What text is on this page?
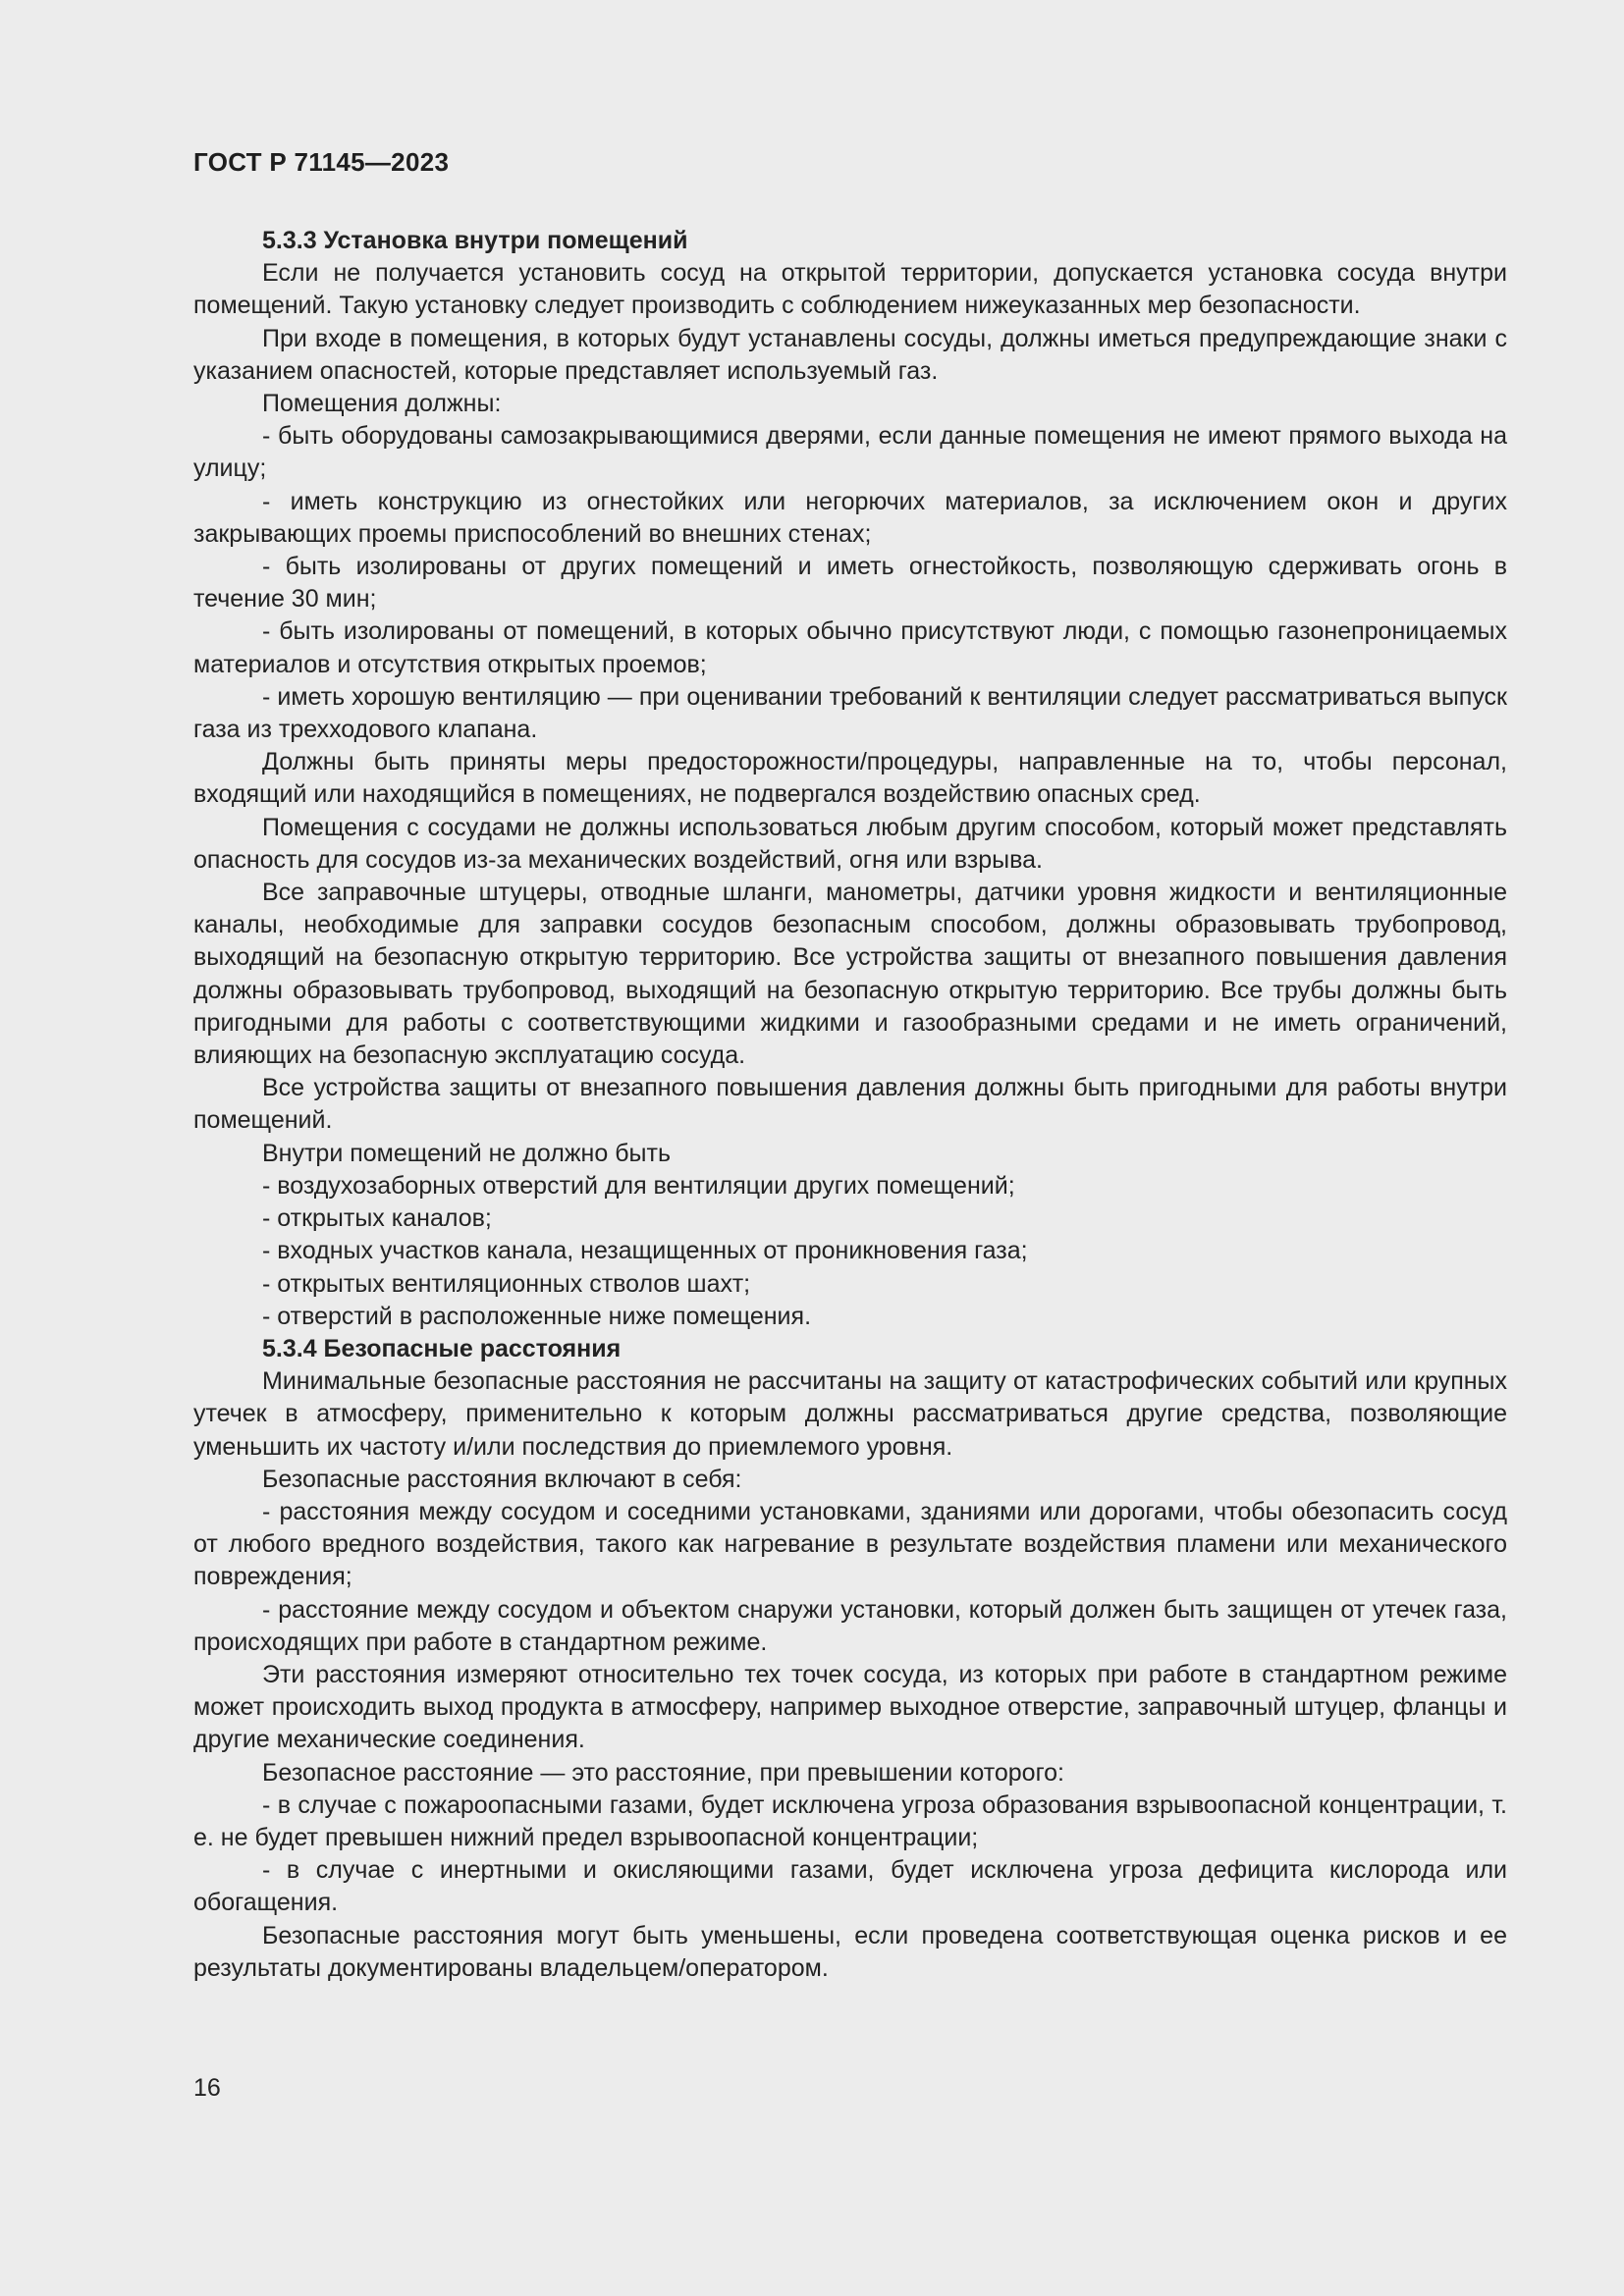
ГОСТ Р 71145—2023

5.3.3 Установка внутри помещений

Если не получается установить сосуд на открытой территории, допускается установка сосуда внутри помещений. Такую установку следует производить с соблюдением нижеуказанных мер безопасности.

При входе в помещения, в которых будут устанавлены сосуды, должны иметься предупреждающие знаки с указанием опасностей, которые представляет используемый газ.

Помещения должны:

- быть оборудованы самозакрывающимися дверями, если данные помещения не имеют прямого выхода на улицу;

- иметь конструкцию из огнестойких или негорючих материалов, за исключением окон и других закрывающих проемы приспособлений во внешних стенах;

- быть изолированы от других помещений и иметь огнестойкость, позволяющую сдерживать огонь в течение 30 мин;

- быть изолированы от помещений, в которых обычно присутствуют люди, с помощью газонепроницаемых материалов и отсутствия открытых проемов;

- иметь хорошую вентиляцию — при оценивании требований к вентиляции следует рассматриваться выпуск газа из трехходового клапана.

Должны быть приняты меры предосторожности/процедуры, направленные на то, чтобы персонал, входящий или находящийся в помещениях, не подвергался воздействию опасных сред.

Помещения с сосудами не должны использоваться любым другим способом, который может представлять опасность для сосудов из-за механических воздействий, огня или взрыва.

Все заправочные штуцеры, отводные шланги, манометры, датчики уровня жидкости и вентиляционные каналы, необходимые для заправки сосудов безопасным способом, должны образовывать трубопровод, выходящий на безопасную открытую территорию. Все устройства защиты от внезапного повышения давления должны образовывать трубопровод, выходящий на безопасную открытую территорию. Все трубы должны быть пригодными для работы с соответствующими жидкими и газообразными средами и не иметь ограничений, влияющих на безопасную эксплуатацию сосуда.

Все устройства защиты от внезапного повышения давления должны быть пригодными для работы внутри помещений.

Внутри помещений не должно быть

- воздухозаборных отверстий для вентиляции других помещений;

- открытых каналов;

- входных участков канала, незащищенных от проникновения газа;

- открытых вентиляционных стволов шахт;

- отверстий в расположенные ниже помещения.

5.3.4 Безопасные расстояния

Минимальные безопасные расстояния не рассчитаны на защиту от катастрофических событий или крупных утечек в атмосферу, применительно к которым должны рассматриваться другие средства, позволяющие уменьшить их частоту и/или последствия до приемлемого уровня.

Безопасные расстояния включают в себя:

- расстояния между сосудом и соседними установками, зданиями или дорогами, чтобы обезопасить сосуд от любого вредного воздействия, такого как нагревание в результате воздействия пламени или механического повреждения;

- расстояние между сосудом и объектом снаружи установки, который должен быть защищен от утечек газа, происходящих при работе в стандартном режиме.

Эти расстояния измеряют относительно тех точек сосуда, из которых при работе в стандартном режиме может происходить выход продукта в атмосферу, например выходное отверстие, заправочный штуцер, фланцы и другие механические соединения.

Безопасное расстояние — это расстояние, при превышении которого:

- в случае с пожароопасными газами, будет исключена угроза образования взрывоопасной концентрации, т. е. не будет превышен нижний предел взрывоопасной концентрации;

- в случае с инертными и окисляющими газами, будет исключена угроза дефицита кислорода или обогащения.

Безопасные расстояния могут быть уменьшены, если проведена соответствующая оценка рисков и ее результаты документированы владельцем/оператором.

16
